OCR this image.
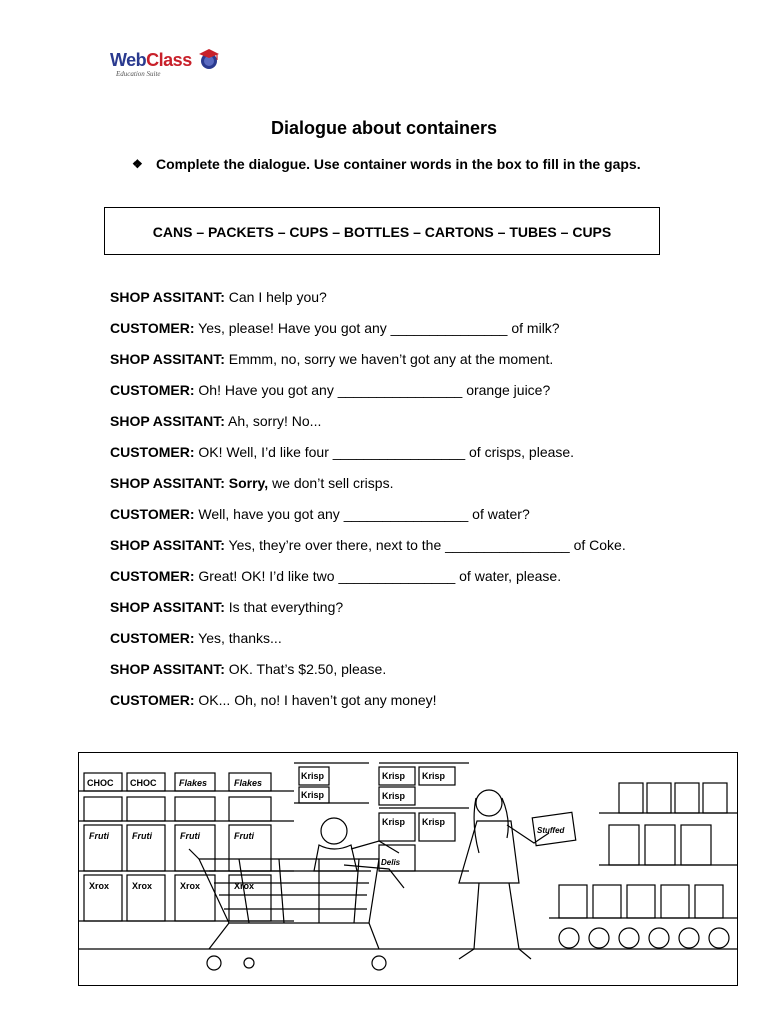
WebClass
Education Suite
Dialogue about containers
❖ Complete the dialogue. Use container words in the box to fill in the gaps.
CANS – PACKETS – CUPS – BOTTLES – CARTONS – TUBES – CUPS

SHOP ASSITANT: Can I help you?

CUSTOMER: Yes, please! Have you got any _______________ of milk?

SHOP ASSITANT: Emmm, no, sorry we haven’t got any at the moment.

CUSTOMER: Oh! Have you got any ________________ orange juice?

SHOP ASSITANT: Ah, sorry! No...

CUSTOMER: OK! Well, I’d like four _________________ of crisps, please.

SHOP ASSITANT: Sorry, we don’t sell crisps.

CUSTOMER: Well, have you got any ________________ of water?

SHOP ASSITANT: Yes, they’re over there, next to the ________________ of Coke.

CUSTOMER: Great! OK! I’d like two _______________ of water, please.

SHOP ASSITANT: Is that everything?

CUSTOMER: Yes, thanks...

SHOP ASSITANT: OK. That’s $2.50, please.

CUSTOMER: OK... Oh, no! I haven’t got any money!

CHOC CHOC	Flakes	Flakes
Fruti	Fruti	Fruti	Fruti
Xrox	Xrox	Xrox	Xrox
Krisp
Krisp
Krisp Krisp
Krisp
Krisp Krisp
Stuffed
Delis
